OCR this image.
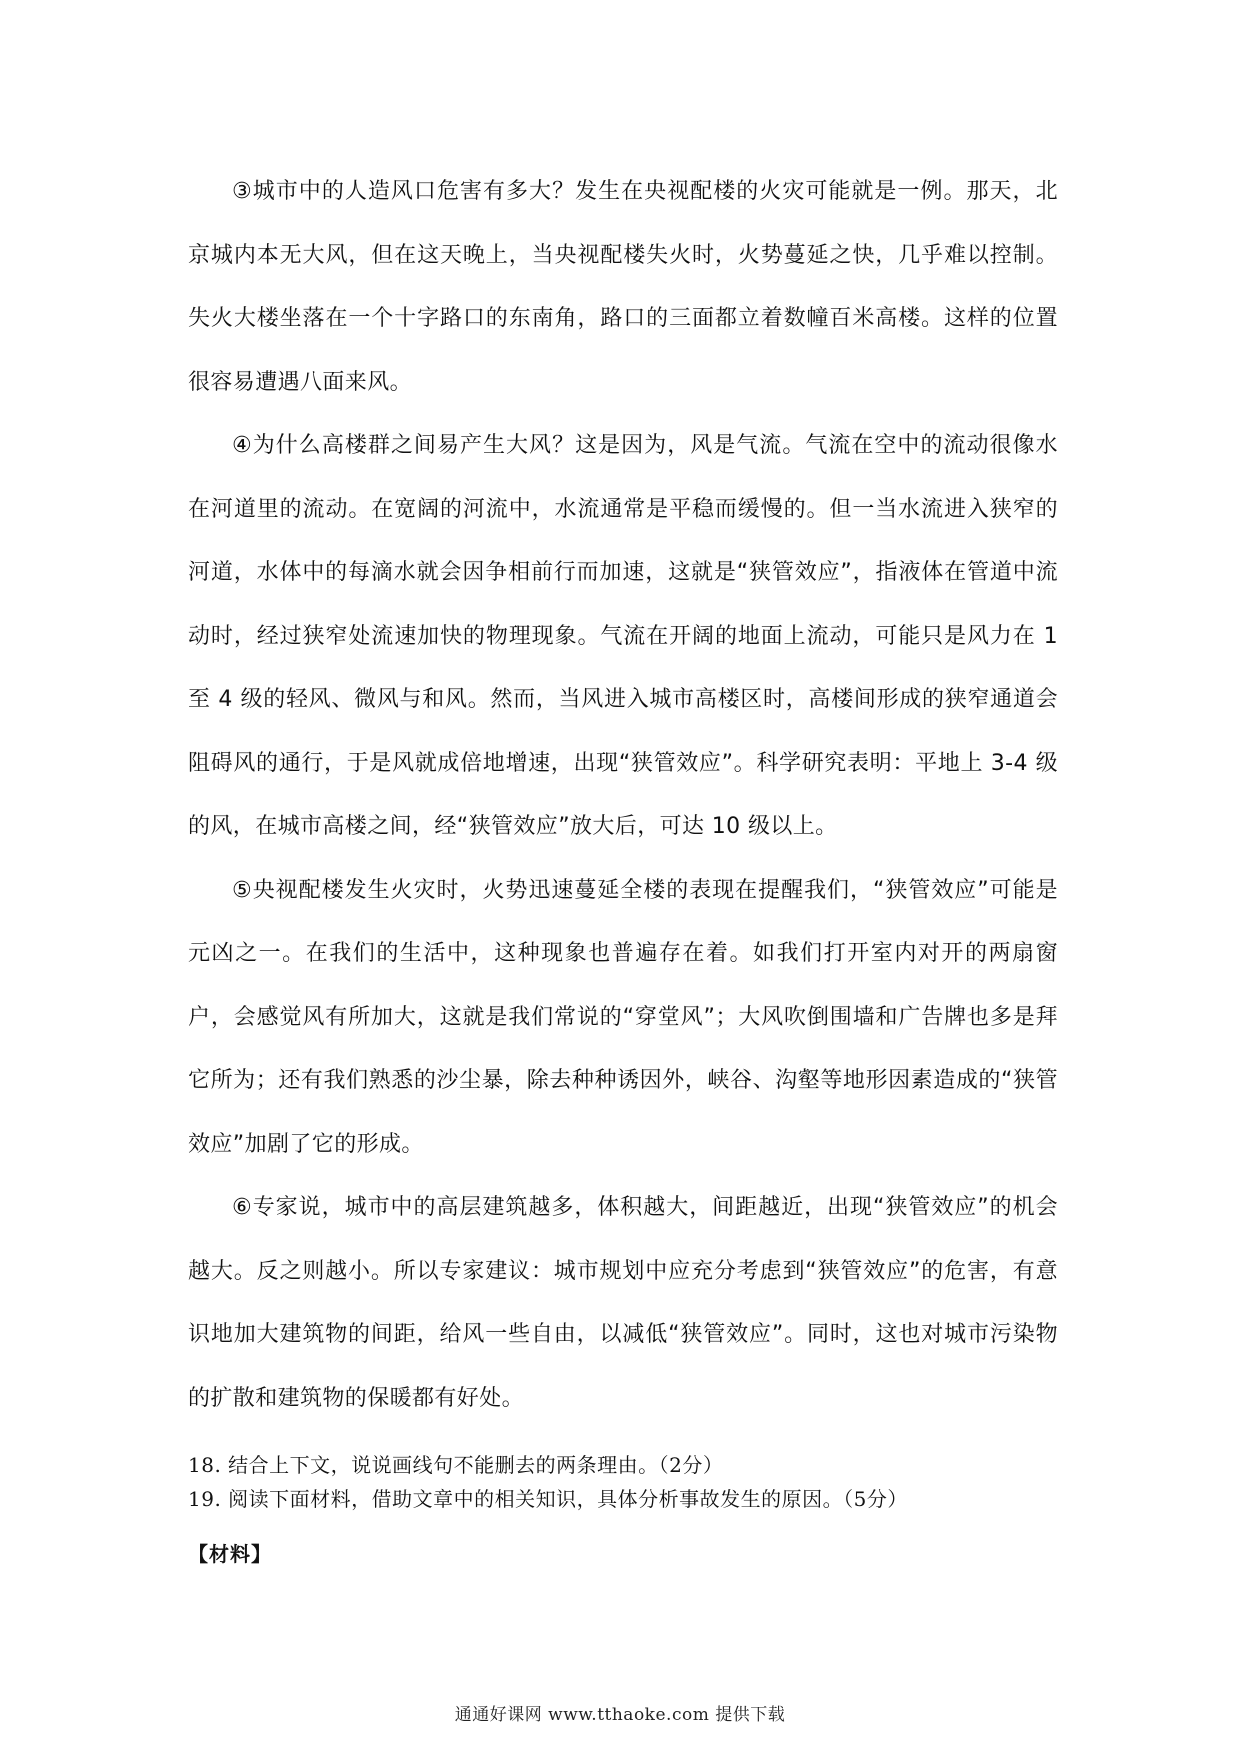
③城市中的人造风口危害有多大？发生在央视配楼的火灾可能就是一例。那天，北京城内本无大风，但在这天晚上，当央视配楼失火时，火势蔓延之快，几乎难以控制。失火大楼坐落在一个十字路口的东南角，路口的三面都立着数幢百米高楼。这样的位置很容易遭遇八面来风。

④为什么高楼群之间易产生大风？这是因为，风是气流。气流在空中的流动很像水在河道里的流动。在宽阔的河流中，水流通常是平稳而缓慢的。但一当水流进入狭窄的河道，水体中的每滴水就会因争相前行而加速，这就是“狭管效应”，指液体在管道中流动时，经过狭窄处流速加快的物理现象。气流在开阔的地面上流动，可能只是风力在 1 至 4 级的轻风、微风与和风。然而，当风进入城市高楼区时，高楼间形成的狭窄通道会阻碍风的通行，于是风就成倍地增速，出现“狭管效应”。科学研究表明：平地上 3-4 级的风，在城市高楼之间，经“狭管效应”放大后，可达 10 级以上。

⑤央视配楼发生火灾时，火势迅速蔓延全楼的表现在提醒我们，“狭管效应”可能是元凶之一。在我们的生活中，这种现象也普遍存在着。如我们打开室内对开的两扇窗户，会感觉风有所加大，这就是我们常说的“穿堂风”；大风吹倒围墙和广告牌也多是拜它所为；还有我们熟悉的沙尘暴，除去种种诱因外，峡谷、沟壑等地形因素造成的“狭管效应”加剧了它的形成。

⑥专家说，城市中的高层建筑越多，体积越大，间距越近，出现“狭管效应”的机会越大。反之则越小。所以专家建议：城市规划中应充分考虑到“狭管效应”的危害，有意识地加大建筑物的间距，给风一些自由，以减低“狭管效应”。同时，这也对城市污染物的扩散和建筑物的保暖都有好处。

18. 结合上下文，说说画线句不能删去的两条理由。（2分）

19. 阅读下面材料，借助文章中的相关知识，具体分析事故发生的原因。（5分）

【材料】
通通好课网 www.tthaoke.com 提供下载
